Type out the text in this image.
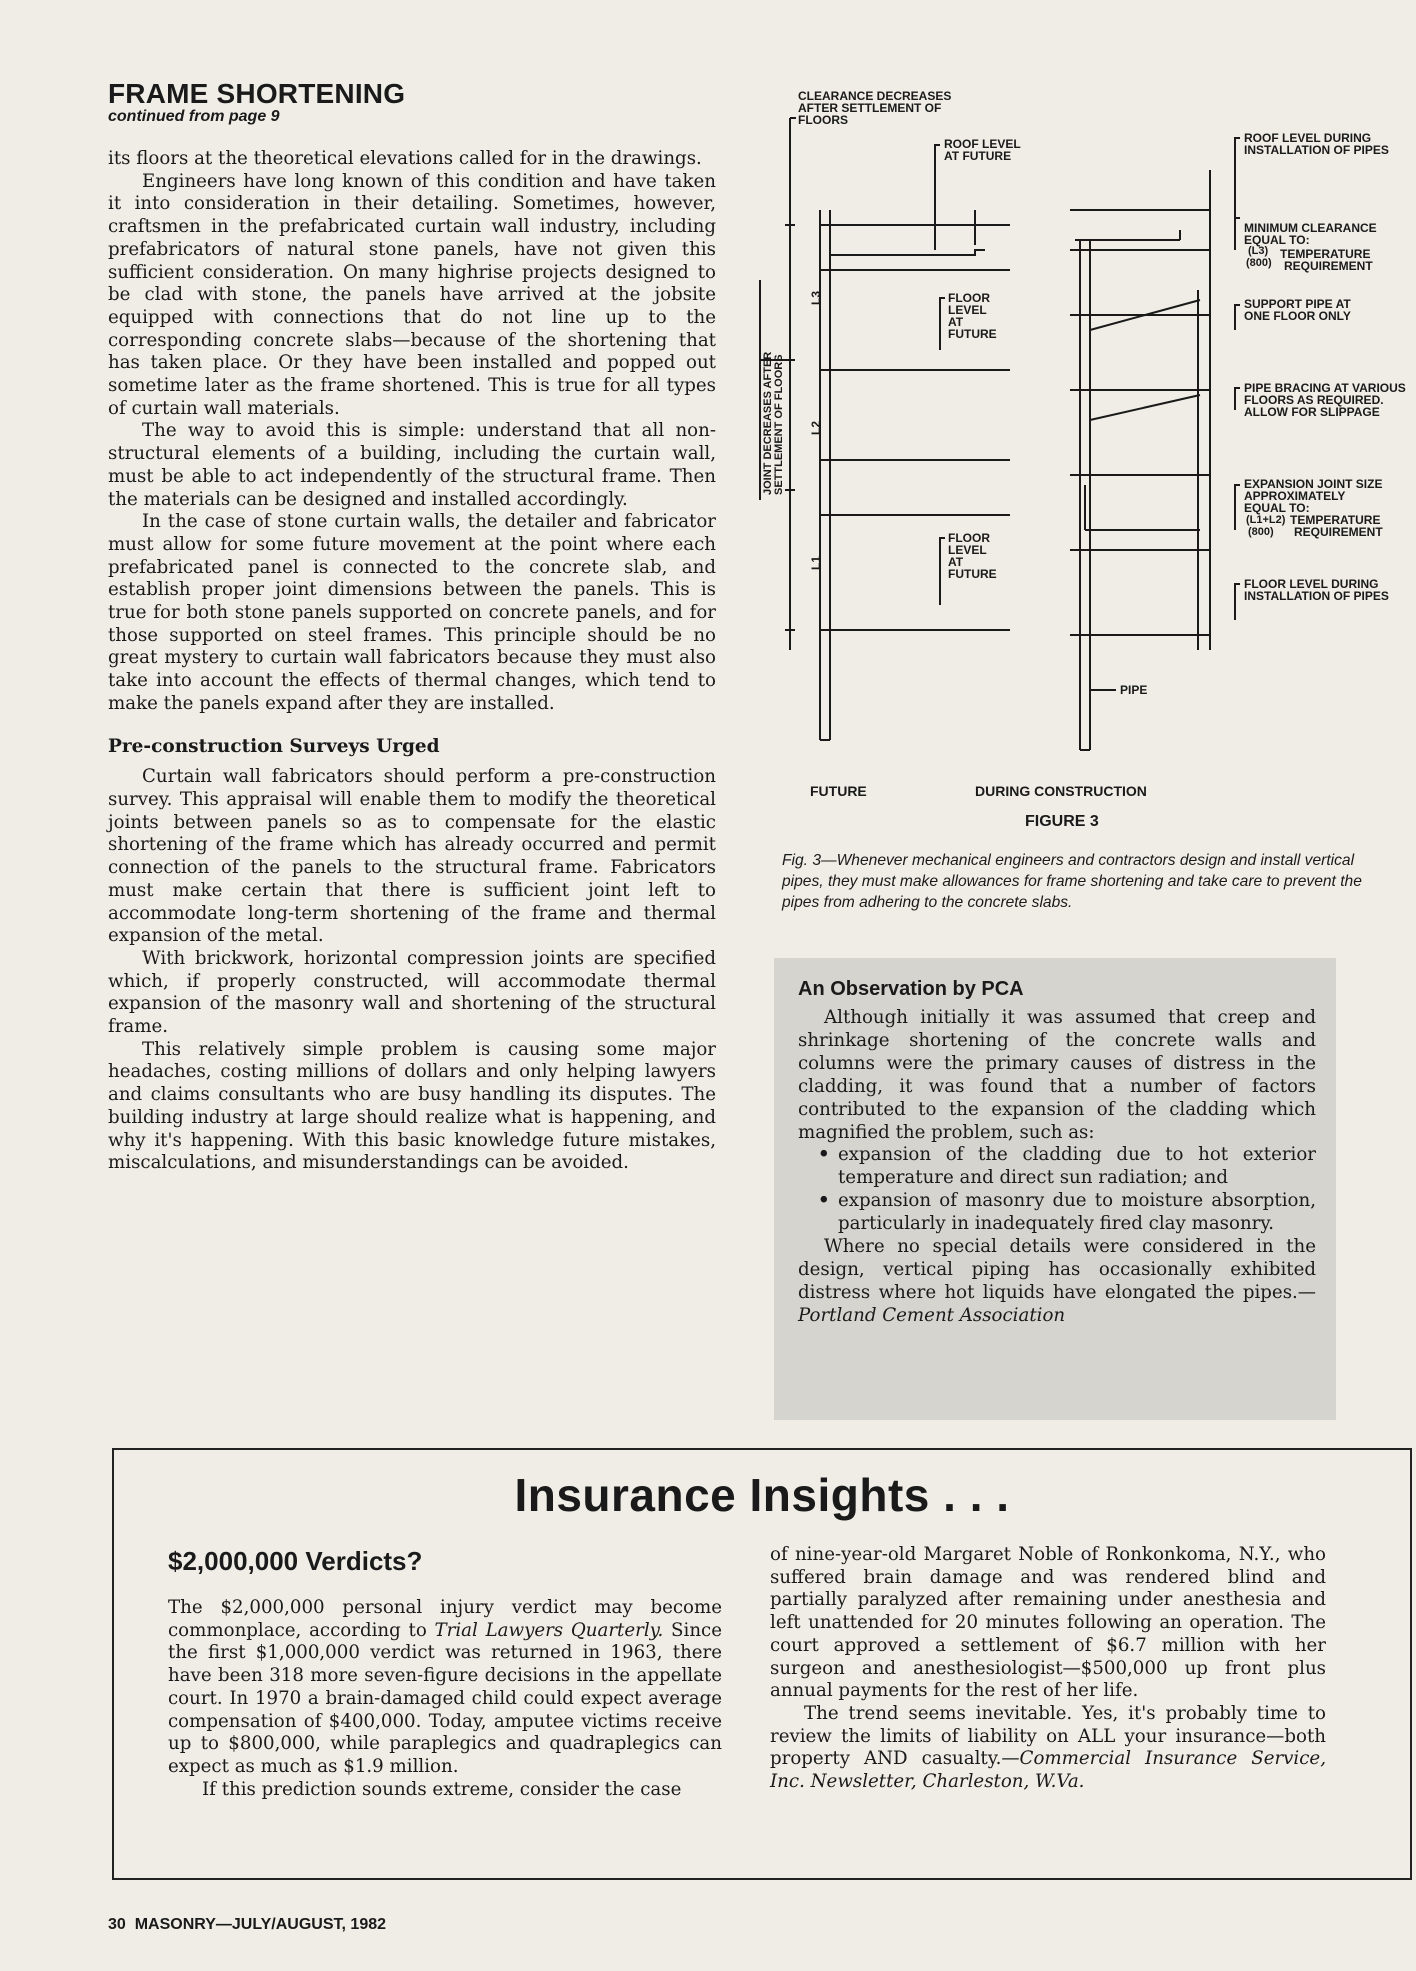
FRAME SHORTENING
continued from page 9

its floors at the theoretical elevations called for in the drawings.

Engineers have long known of this condition and have taken it into consideration in their detailing. Sometimes, however, craftsmen in the prefabricated curtain wall industry, including prefabricators of natural stone panels, have not given this sufficient consideration. On many highrise projects designed to be clad with stone, the panels have arrived at the jobsite equipped with connections that do not line up to the corresponding concrete slabs—because of the shortening that has taken place. Or they have been installed and popped out sometime later as the frame shortened. This is true for all types of curtain wall materials.

The way to avoid this is simple: understand that all non-structural elements of a building, including the curtain wall, must be able to act independently of the structural frame. Then the materials can be designed and installed accordingly.

In the case of stone curtain walls, the detailer and fabricator must allow for some future movement at the point where each prefabricated panel is connected to the concrete slab, and establish proper joint dimensions between the panels. This is true for both stone panels supported on concrete panels, and for those supported on steel frames. This principle should be no great mystery to curtain wall fabricators because they must also take into account the effects of thermal changes, which tend to make the panels expand after they are installed.

Pre-construction Surveys Urged

Curtain wall fabricators should perform a pre-construction survey. This appraisal will enable them to modify the theoretical joints between panels so as to compensate for the elastic shortening of the frame which has already occurred and permit connection of the panels to the structural frame. Fabricators must make certain that there is sufficient joint left to accommodate long-term shortening of the frame and thermal expansion of the metal.

With brickwork, horizontal compression joints are specified which, if properly constructed, will accommodate thermal expansion of the masonry wall and shortening of the structural frame.

This relatively simple problem is causing some major headaches, costing millions of dollars and only helping lawyers and claims consultants who are busy handling its disputes. The building industry at large should realize what is happening, and why it's happening. With this basic knowledge future mistakes, miscalculations, and misunderstandings can be avoided.

CLEARANCE DECREASES
AFTER SETTLEMENT OF
FLOORS
ROOF LEVEL
AT FUTURE
ROOF LEVEL DURING
INSTALLATION OF PIPES
MINIMUM CLEARANCE
EQUAL TO:
(L3)
(800)
TEMPERATURE
REQUIREMENT
SUPPORT PIPE AT
ONE FLOOR ONLY
FLOOR
LEVEL
AT
FUTURE
PIPE BRACING AT VARIOUS
FLOORS AS REQUIRED.
ALLOW FOR SLIPPAGE
JOINT DECREASES AFTER SETTLEMENT OF FLOORS
L3
L2
L1
EXPANSION JOINT SIZE
APPROXIMATELY
EQUAL TO:
(L1+L2)
(800)
TEMPERATURE
REQUIREMENT
FLOOR
LEVEL
AT
FUTURE
FLOOR LEVEL DURING
INSTALLATION OF PIPES
PIPE
FUTURE	DURING CONSTRUCTION
FIGURE 3
Fig. 3—Whenever mechanical engineers and contractors design and install vertical pipes, they must make allowances for frame shortening and take care to prevent the pipes from adhering to the concrete slabs.
An Observation by PCA

Although initially it was assumed that creep and shrinkage shortening of the concrete walls and columns were the primary causes of distress in the cladding, it was found that a number of factors contributed to the expansion of the cladding which magnified the problem, such as:

• expansion of the cladding due to hot exterior temperature and direct sun radiation; and
• expansion of masonry due to moisture absorption, particularly in inadequately fired clay masonry.

Where no special details were considered in the design, vertical piping has occasionally exhibited distress where hot liquids have elongated the pipes.— Portland Cement Association

Insurance Insights . . .
$2,000,000 Verdicts?

The $2,000,000 personal injury verdict may become commonplace, according to Trial Lawyers Quarterly. Since the first $1,000,000 verdict was returned in 1963, there have been 318 more seven-figure decisions in the appellate court. In 1970 a brain-damaged child could expect average compensation of $400,000. Today, amputee victims receive up to $800,000, while paraplegics and quadraplegics can expect as much as $1.9 million.

If this prediction sounds extreme, consider the case

of nine-year-old Margaret Noble of Ronkonkoma, N.Y., who suffered brain damage and was rendered blind and partially paralyzed after remaining under anesthesia and left unattended for 20 minutes following an operation. The court approved a settlement of $6.7 million with her surgeon and anesthesiologist—$500,000 up front plus annual payments for the rest of her life.

The trend seems inevitable. Yes, it's probably time to review the limits of liability on ALL your insurance—both property AND casualty.—Commercial Insurance Service, Inc. Newsletter, Charleston, W.Va.

30  MASONRY—JULY/AUGUST, 1982
